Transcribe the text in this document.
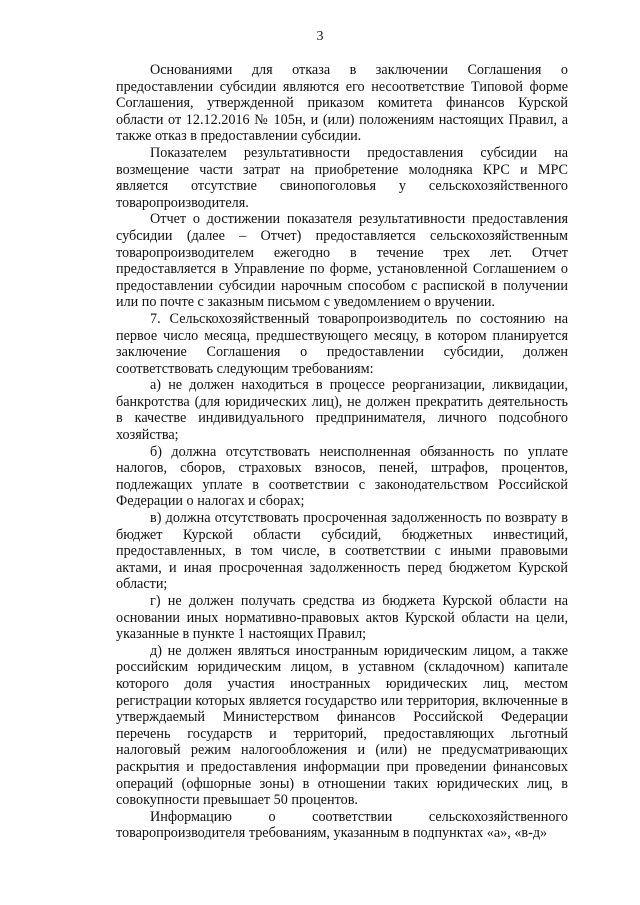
3

Основаниями для отказа в заключении Соглашения о предоставлении субсидии являются его несоответствие Типовой форме Соглашения, утвержденной приказом комитета финансов Курской области от 12.12.2016 № 105н, и (или) положениям настоящих Правил, а также отказ в предоставлении субсидии.

Показателем результативности предоставления субсидии на возмещение части затрат на приобретение молодняка КРС и МРС является отсутствие свинопоголовья у сельскохозяйственного товаропроизводителя.

Отчет о достижении показателя результативности предоставления субсидии (далее – Отчет) предоставляется сельскохозяйственным товаропроизводителем ежегодно в течение трех лет. Отчет предоставляется в Управление по форме, установленной Соглашением о предоставлении субсидии нарочным способом с распиской в получении или по почте с заказным письмом с уведомлением о вручении.

7. Сельскохозяйственный товаропроизводитель по состоянию на первое число месяца, предшествующего месяцу, в котором планируется заключение Соглашения о предоставлении субсидии, должен соответствовать следующим требованиям:

а) не должен находиться в процессе реорганизации, ликвидации, банкротства (для юридических лиц), не должен прекратить деятельность в качестве индивидуального предпринимателя, личного подсобного хозяйства;

б) должна отсутствовать неисполненная обязанность по уплате налогов, сборов, страховых взносов, пеней, штрафов, процентов, подлежащих уплате в соответствии с законодательством Российской Федерации о налогах и сборах;

в) должна отсутствовать просроченная задолженность по возврату в бюджет Курской области субсидий, бюджетных инвестиций, предоставленных, в том числе, в соответствии с иными правовыми актами, и иная просроченная задолженность перед бюджетом Курской области;

г) не должен получать средства из бюджета Курской области на основании иных нормативно-правовых актов Курской области на цели, указанные в пункте 1 настоящих Правил;

д) не должен являться иностранным юридическим лицом, а также российским юридическим лицом, в уставном (складочном) капитале которого доля участия иностранных юридических лиц, местом регистрации которых является государство или территория, включенные в утверждаемый Министерством финансов Российской Федерации перечень государств и территорий, предоставляющих льготный налоговый режим налогообложения и (или) не предусматривающих раскрытия и предоставления информации при проведении финансовых операций (офшорные зоны) в отношении таких юридических лиц, в совокупности превышает 50 процентов.

Информацию о соответствии сельскохозяйственного товаропроизводителя требованиям, указанным в подпунктах «а», «в-д»
